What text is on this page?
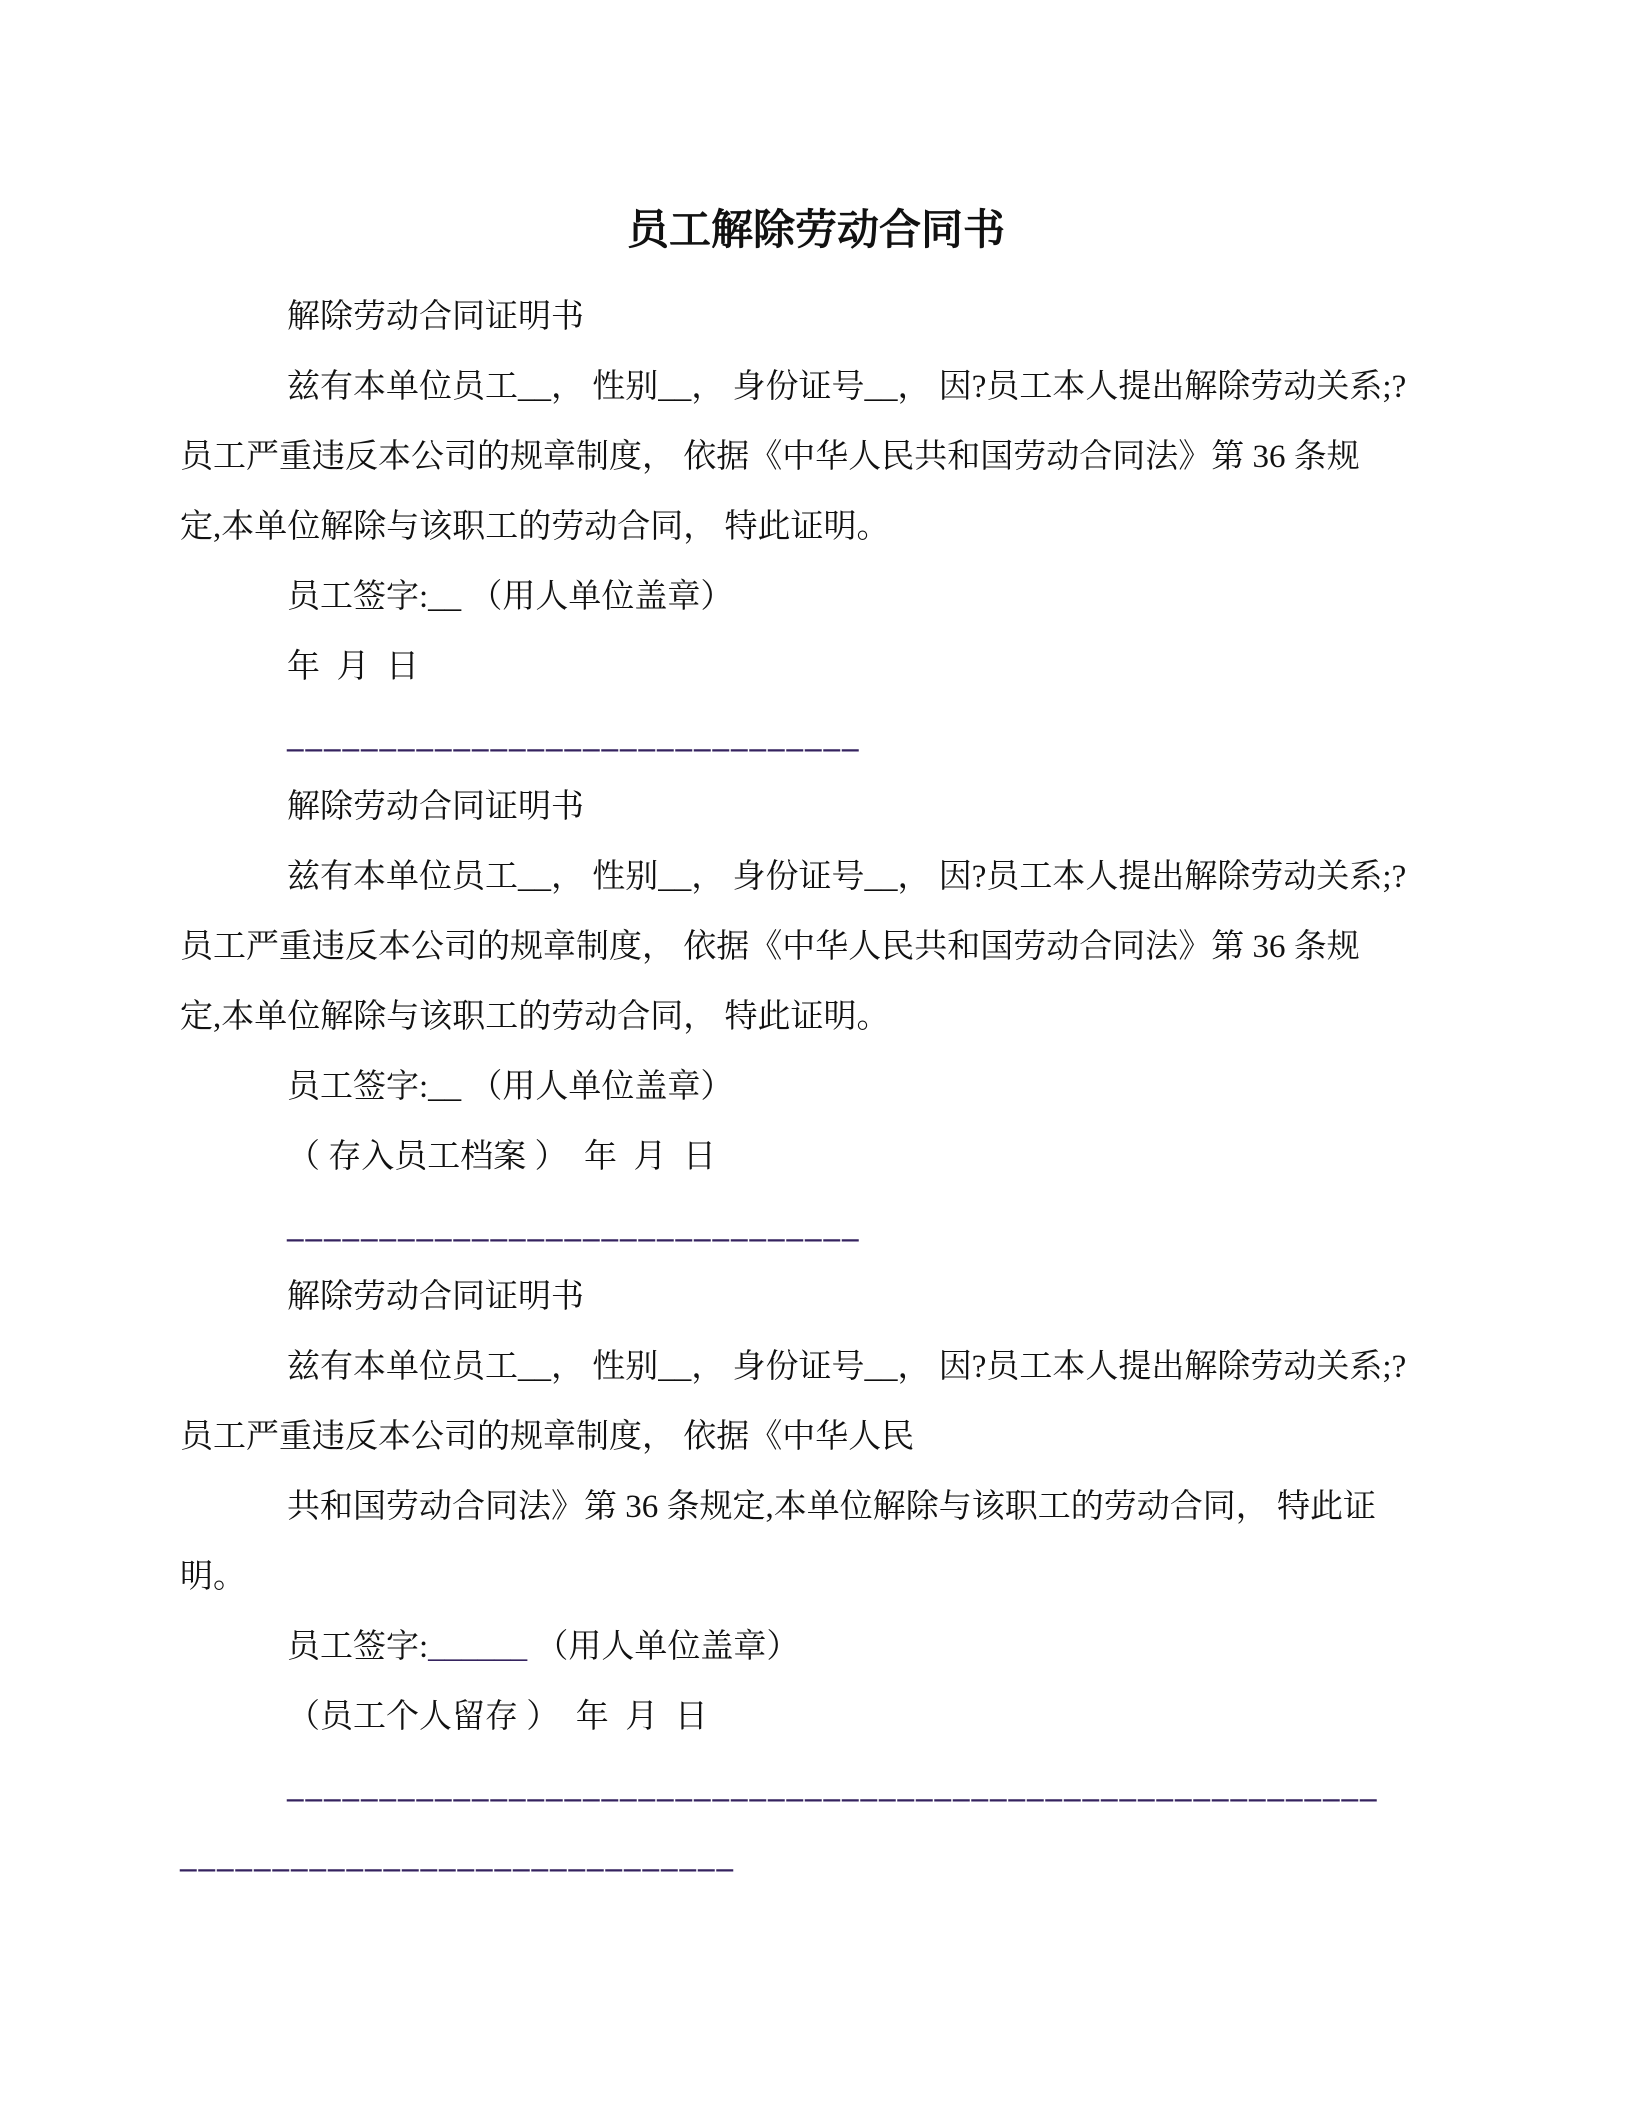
员工解除劳动合同书
解除劳动合同证明书
兹有本单位员工__， 性别__， 身份证号__， 因?员工本人提出解除劳动关系;?
员工严重违反本公司的规章制度， 依据《中华人民共和国劳动合同法》第 36 条规
定,本单位解除与该职工的劳动合同， 特此证明。
员工签字:__ （用人单位盖章）
年  月  日
_______________________________
解除劳动合同证明书
兹有本单位员工__， 性别__， 身份证号__， 因?员工本人提出解除劳动关系;?
员工严重违反本公司的规章制度， 依据《中华人民共和国劳动合同法》第 36 条规
定,本单位解除与该职工的劳动合同， 特此证明。
员工签字:__ （用人单位盖章）
（ 存入员工档案 ）  年  月  日
_______________________________
解除劳动合同证明书
兹有本单位员工__， 性别__， 身份证号__， 因?员工本人提出解除劳动关系;?
员工严重违反本公司的规章制度， 依据《中华人民
共和国劳动合同法》第 36 条规定,本单位解除与该职工的劳动合同， 特此证
明。
员工签字:______ （用人单位盖章）
（员工个人留存 ）  年  月  日
___________________________________________________________
______________________________
